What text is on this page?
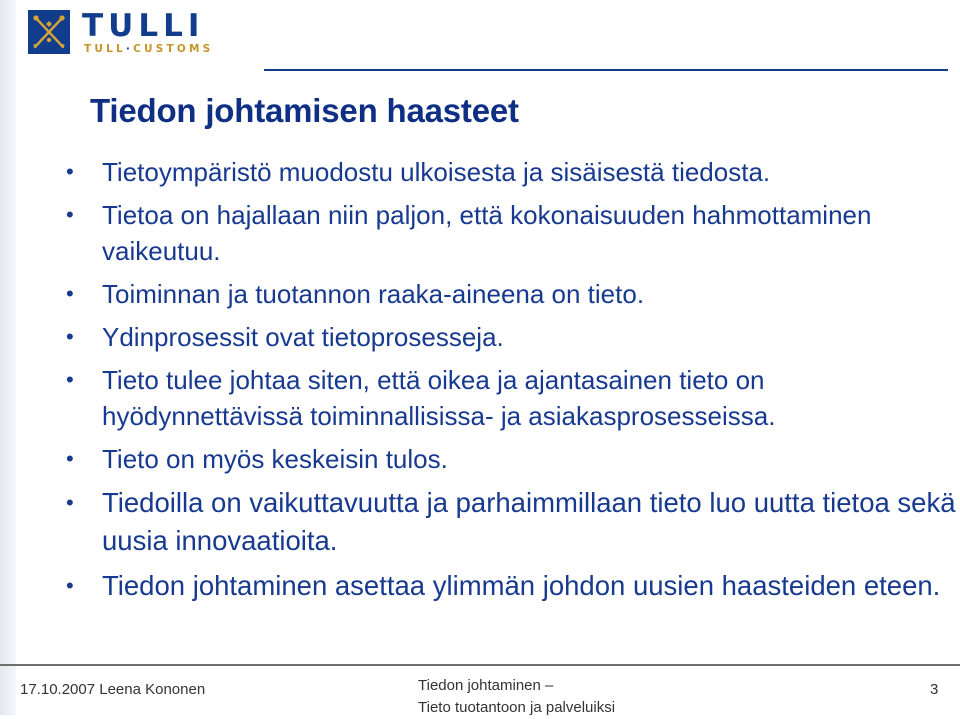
TULLI
TULL·CUSTOMS
Tiedon johtamisen haasteet
• Tietoympäristö muodostu ulkoisesta ja sisäisestä tiedosta.
• Tietoa on hajallaan niin paljon, että kokonaisuuden hahmottaminen vaikeutuu.
• Toiminnan ja tuotannon raaka-aineena on tieto.
• Ydinprosessit ovat tietoprosesseja.
• Tieto tulee johtaa siten, että oikea ja ajantasainen tieto on hyödynnettävissä toiminnallisissa- ja asiakasprosesseissa.
• Tieto on myös keskeisin tulos.
• Tiedoilla on vaikuttavuutta ja parhaimmillaan tieto luo uutta tietoa sekä uusia innovaatioita.
• Tiedon johtaminen asettaa ylimmän johdon uusien haasteiden eteen.
17.10.2007 Leena Kononen	Tiedon johtaminen –
Tieto tuotantoon ja palveluiksi
3
